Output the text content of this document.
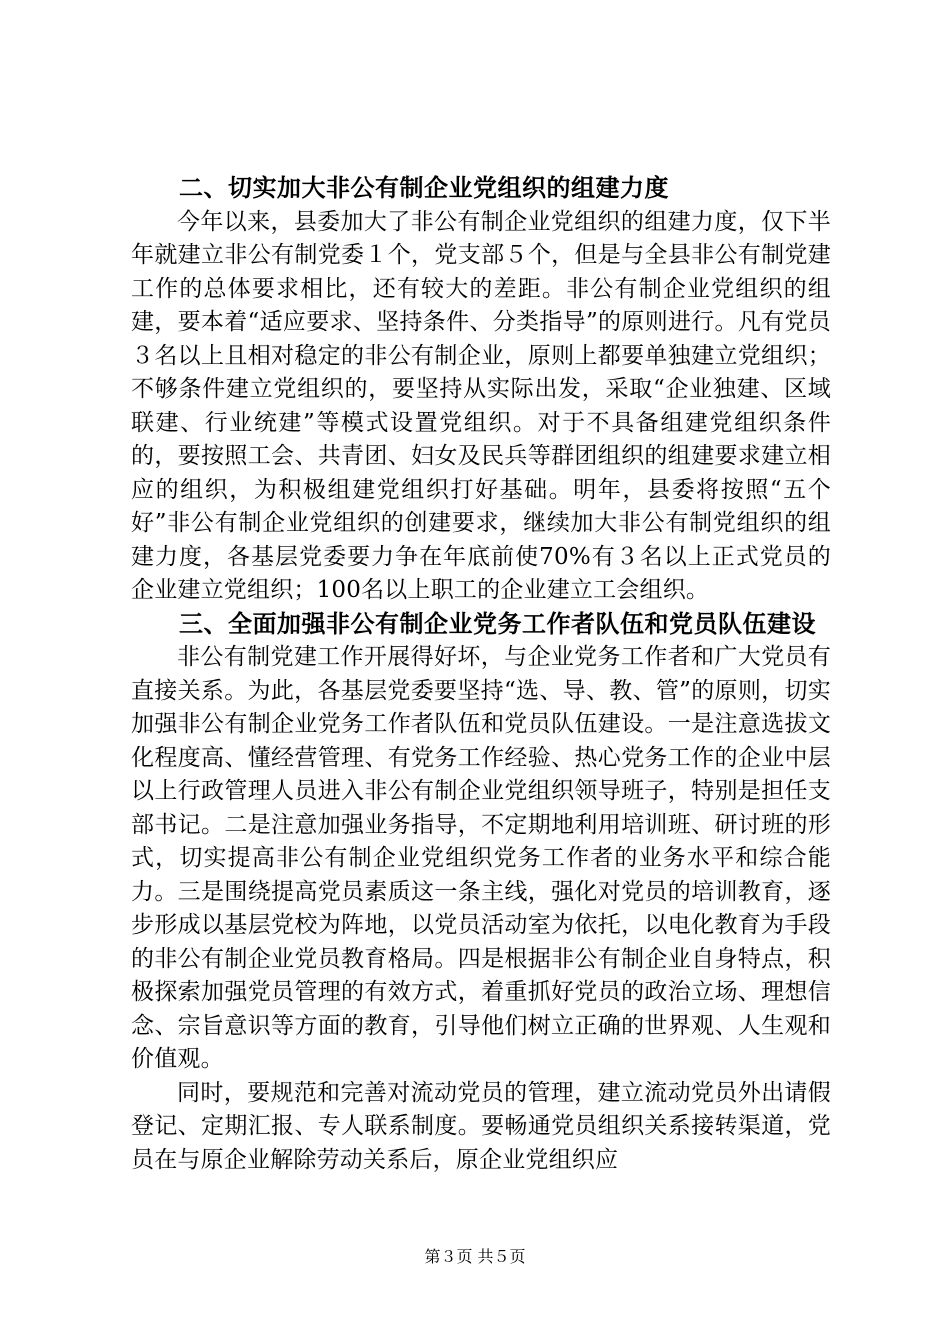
二、切实加大非公有制企业党组织的组建力度

今年以来，县委加大了非公有制企业党组织的组建力度，仅下半年就建立非公有制党委１个，党支部５个，但是与全县非公有制党建工作的总体要求相比，还有较大的差距。非公有制企业党组织的组建，要本着“适应要求、坚持条件、分类指导”的原则进行。凡有党员３名以上且相对稳定的非公有制企业，原则上都要单独建立党组织；不够条件建立党组织的，要坚持从实际出发，采取“企业独建、区域联建、行业统建”等模式设置党组织。对于不具备组建党组织条件的，要按照工会、共青团、妇女及民兵等群团组织的组建要求建立相应的组织，为积极组建党组织打好基础。明年，县委将按照“五个好”非公有制企业党组织的创建要求，继续加大非公有制党组织的组建力度，各基层党委要力争在年底前使70%有３名以上正式党员的企业建立党组织；100名以上职工的企业建立工会组织。

三、全面加强非公有制企业党务工作者队伍和党员队伍建设

非公有制党建工作开展得好坏，与企业党务工作者和广大党员有直接关系。为此，各基层党委要坚持“选、导、教、管”的原则，切实加强非公有制企业党务工作者队伍和党员队伍建设。一是注意选拔文化程度高、懂经营管理、有党务工作经验、热心党务工作的企业中层以上行政管理人员进入非公有制企业党组织领导班子，特别是担任支部书记。二是注意加强业务指导，不定期地利用培训班、研讨班的形式，切实提高非公有制企业党组织党务工作者的业务水平和综合能力。三是围绕提高党员素质这一条主线，强化对党员的培训教育，逐步形成以基层党校为阵地，以党员活动室为依托，以电化教育为手段的非公有制企业党员教育格局。四是根据非公有制企业自身特点，积极探索加强党员管理的有效方式，着重抓好党员的政治立场、理想信念、宗旨意识等方面的教育，引导他们树立正确的世界观、人生观和价值观。

同时，要规范和完善对流动党员的管理，建立流动党员外出请假登记、定期汇报、专人联系制度。要畅通党员组织关系接转渠道，党员在与原企业解除劳动关系后，原企业党组织应

第３页 共５页
